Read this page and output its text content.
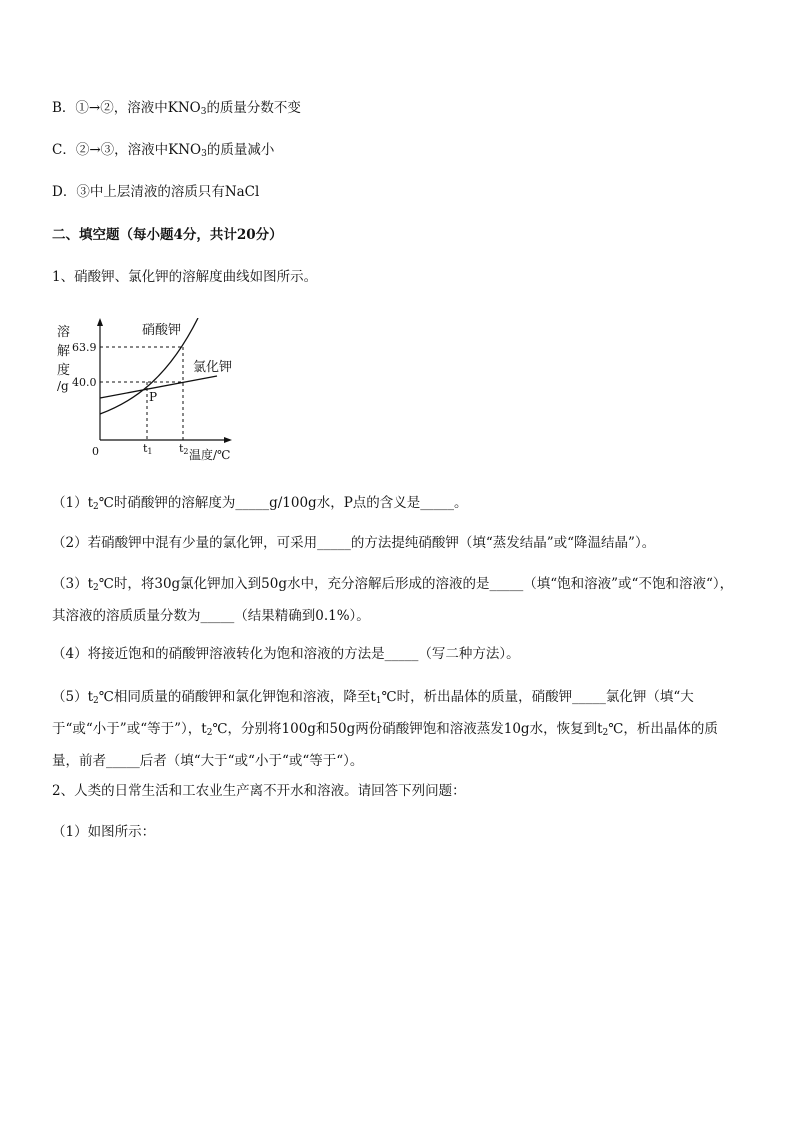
B．①→②，溶液中$KNO_3$的质量分数不变
C．②→③，溶液中$KNO_3$的质量减小
D．③中上层清液的溶质只有NaCl
二、填空题（每小题4分，共计20分）
1、硝酸钾、氯化钾的溶解度曲线如图所示。
溶
解
度
/g
63.9
40.0
硝酸钾
氯化钾
P
0	t1 t2 温度/℃
$(1)t_2℃$时硝酸钾的溶解度为_____g/100g水，P点的含义是_____。
（2）若硝酸钾中混有少量的氯化钾，可采用_____的方法提纯硝酸钾（填“蒸发结晶”或“降温结晶”）。
$(3)t_2℃$时，将30g氯化钾加入到50g水中，充分溶解后形成的溶液的是_____（填“饱和溶液”或“不饱和溶液“），其溶液的溶质质量分数为_____（结果精确到0.1%）。
（4）将接近饱和的硝酸钾溶液转化为饱和溶液的方法是_____（写二种方法）。
$(5)t_2℃$相同质量的硝酸钾和氯化钾饱和溶液，降至$t_1℃$时，析出晶体的质量，硝酸钾_____氯化钾（填“大于“或“小于”或“等于”），$t_2℃$，分别将100g和50g两份硝酸钾饱和溶液蒸发10g水，恢复到$t_2℃$，析出晶体的质量，前者_____后者（填“大于“或“小于“或“等于“）。
2、人类的日常生活和工农业生产离不开水和溶液。请回答下列问题：
（1）如图所示：
